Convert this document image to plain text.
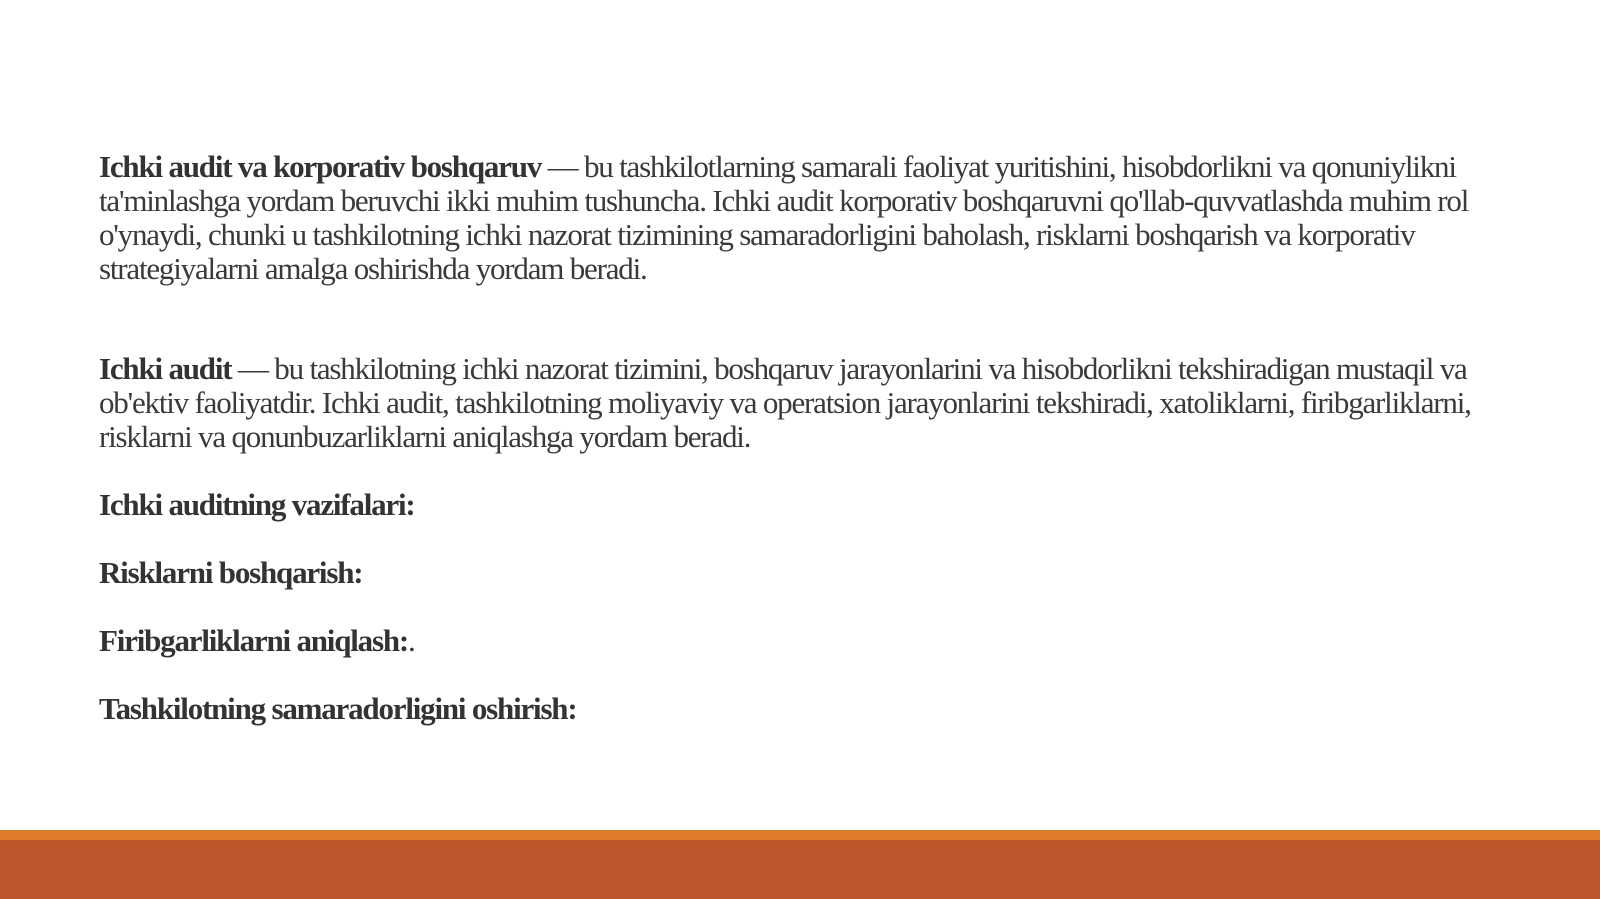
Ichki audit va korporativ boshqaruv — bu tashkilotlarning samarali faoliyat yuritishini, hisobdorlikni va qonuniylikni ta'minlashga yordam beruvchi ikki muhim tushuncha. Ichki audit korporativ boshqaruvni qo'llab-quvvatlashda muhim rol o'ynaydi, chunki u tashkilotning ichki nazorat tizimining samaradorligini baholash, risklarni boshqarish va korporativ strategiyalarni amalga oshirishda yordam beradi.

Ichki audit — bu tashkilotning ichki nazorat tizimini, boshqaruv jarayonlarini va hisobdorlikni tekshiradigan mustaqil va ob'ektiv faoliyatdir. Ichki audit, tashkilotning moliyaviy va operatsion jarayonlarini tekshiradi, xatoliklarni, firibgarliklarni, risklarni va qonunbuzarliklarni aniqlashga yordam beradi.

Ichki auditning vazifalari:

Risklarni boshqarish:

Firibgarliklarni aniqlash:.

Tashkilotning samaradorligini oshirish:
